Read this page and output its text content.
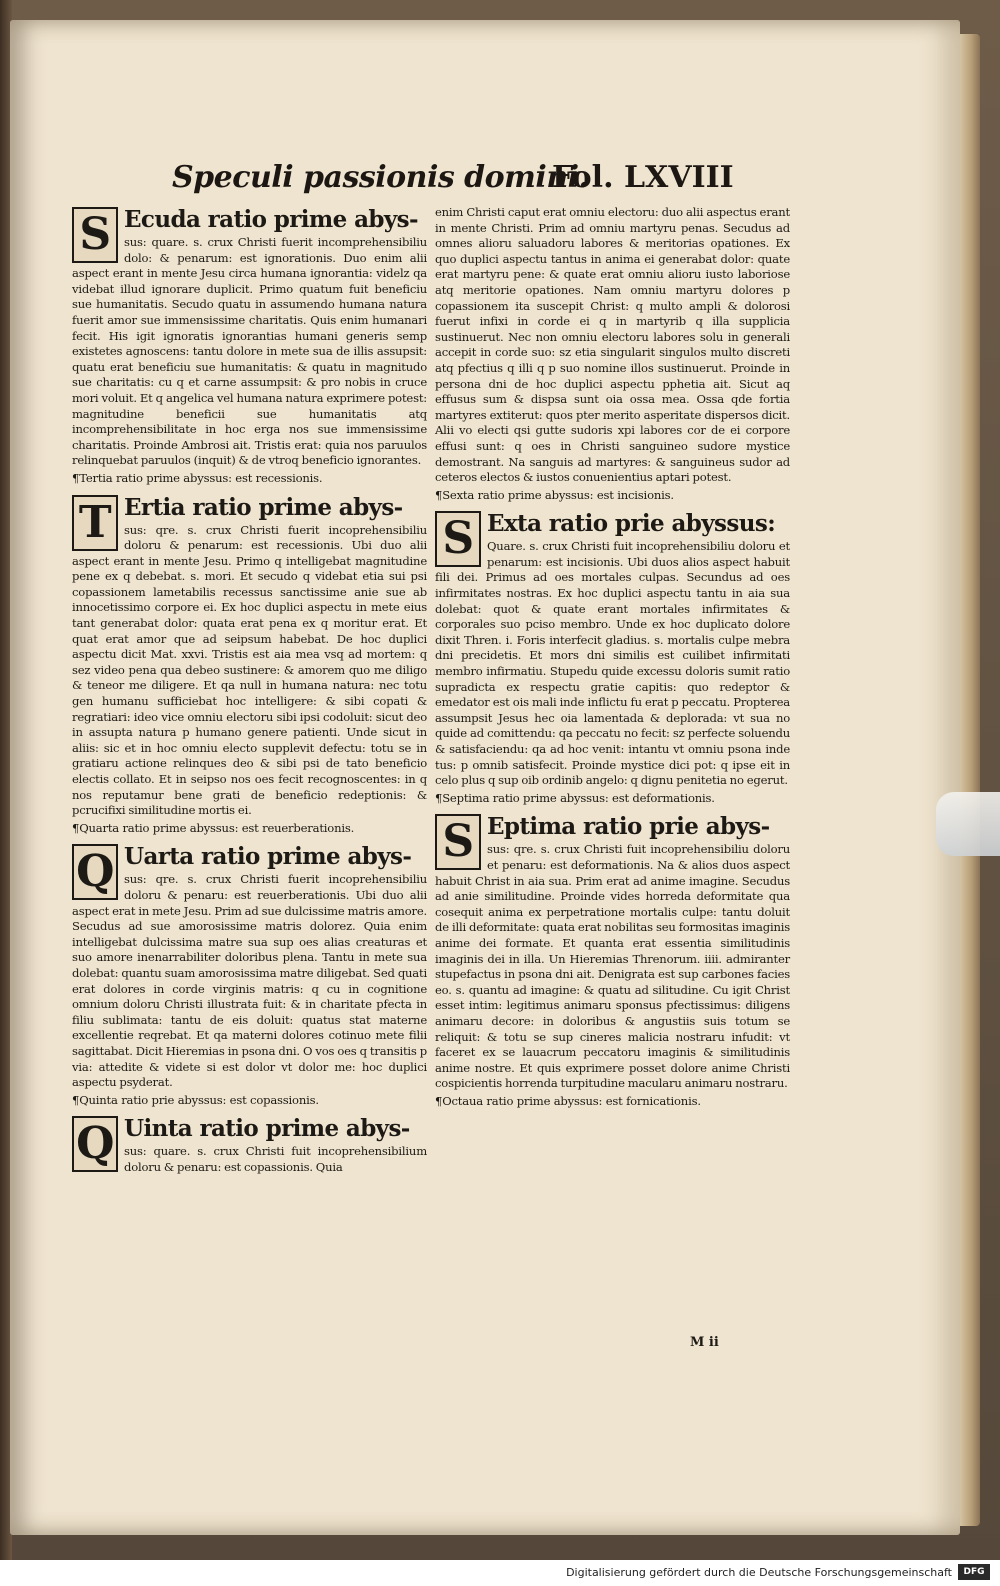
Speculi passionis domini.
Fol. LXVIII
S Ecuda ratio prime abys-
sus: quare. s. crux Christi fuerit incomprehensibiliu dolo: & penarum: est ignorationis. Duo enim alii aspect erant in mente Jesu circa humana ignorantia: videlz qa videbat illud ignorare duplicit. Primo quatum fuit beneficiu sue humanitatis. Secudo quatu in assumendo humana natura fuerit amor sue immensissime charitatis. Quis enim humanari fecit. His igit ignoratis ignorantias humani generis semp existetes agnoscens: tantu dolore in mete sua de illis assupsit: quatu erat beneficiu sue humanitatis: & quatu in magnitudo sue charitatis: cu q et carne assumpsit: & pro nobis in cruce mori voluit. Et q angelica vel humana natura exprimere potest: magnitudine beneficii sue humanitatis atq incomprehensibilitate in hoc erga nos sue immensissime charitatis. Proinde Ambrosi ait. Tristis erat: quia nos paruulos relinquebat paruulos (inquit) & de vtroq beneficio ignorantes.
¶ Tertia ratio prime abyssus: est recessionis.
T Ertia ratio prime abys-
sus: qre. s. crux Christi fuerit incoprehensibiliu doloru & penarum: est recessionis. Ubi duo alii aspect erant in mente Jesu. Primo q intelligebat magnitudine pene ex q debebat. s. mori. Et secudo q videbat etia sui psi copassionem lametabilis recessus sanctissime anie sue ab innocetissimo corpore ei. Ex hoc duplici aspectu in mete eius tant generabat dolor: quata erat pena ex q moritur erat. Et quat erat amor que ad seipsum habebat. De hoc duplici aspectu dicit Mat. xxvi. Tristis est aia mea vsq ad mortem: q sez video pena qua debeo sustinere: & amorem quo me diligo & teneor me diligere. Et qa null in humana natura: nec totu gen humanu sufficiebat hoc intelligere: & sibi copati & regratiari: ideo vice omniu electoru sibi ipsi codoluit: sicut deo in assupta natura p humano genere patienti. Unde sicut in aliis: sic et in hoc omniu electo supplevit defectu: totu se in gratiaru actione relinques deo & sibi psi de tato beneficio electis collato. Et in seipso nos oes fecit recognoscentes: in q nos reputamur bene grati de beneficio redeptionis: & pcrucifixi similitudine mortis ei.
¶ Quarta ratio prime abyssus: est reuerberationis.
Q Uarta ratio prime abys-
sus: qre. s. crux Christi fuerit incoprehensibiliu doloru & penaru: est reuerberationis. Ubi duo alii aspect erat in mete Jesu. Prim ad sue dulcissime matris amore. Secudus ad sue amorosissime matris dolorez. Quia enim intelligebat dulcissima matre sua sup oes alias creaturas et suo amore inenarrabiliter doloribus plena. Tantu in mete sua dolebat: quantu suam amorosissima matre diligebat. Sed quati erat dolores in corde virginis matris: q cu in cognitione omnium doloru Christi illustrata fuit: & in charitate pfecta in filiu sublimata: tantu de eis doluit: quatus stat materne excellentie reqrebat. Et qa materni dolores cotinuo mete filii sagittabat. Dicit Hieremias in psona dni. O vos oes q transitis p via: attedite & videte si est dolor vt dolor me: hoc duplici aspectu psyderat.
¶ Quinta ratio prie abyssus: est copassionis.
Q Uinta ratio prime abys-
sus: quare. s. crux Christi fuit incoprehensibilium doloru & penaru: est copassionis. Quia
enim Christi caput erat omniu electoru: duo alii aspectus erant in mente Christi. Prim ad omniu martyru penas. Secudus ad omnes alioru saluadoru labores & meritorias opationes. Ex quo duplici aspectu tantus in anima ei generabat dolor: quate erat martyru pene: & quate erat omniu alioru iusto laboriose atq meritorie opationes. Nam omniu martyru dolores p copassionem ita suscepit Christ: q multo ampli & dolorosi fuerut infixi in corde ei q in martyrib q illa supplicia sustinuerut. Nec non omniu electoru labores solu in generali accepit in corde suo: sz etia singularit singulos multo discreti atq pfectius q illi q p suo nomine illos sustinuerut. Proinde in persona dni de hoc duplici aspectu pphetia ait. Sicut aq effusus sum & dispsa sunt oia ossa mea. Ossa qde fortia martyres extiterut: quos pter merito asperitate dispersos dicit. Alii vo electi qsi gutte sudoris xpi labores cor de ei corpore effusi sunt: q oes in Christi sanguineo sudore mystice demostrant. Na sanguis ad martyres: & sanguineus sudor ad ceteros electos & iustos conuenientius aptari potest.
¶ Sexta ratio prime abyssus: est incisionis.
S Exta ratio prie abyssus:
Quare. s. crux Christi fuit incoprehensibiliu doloru et penarum: est incisionis. Ubi duos alios aspect habuit fili dei. Primus ad oes mortales culpas. Secundus ad oes infirmitates nostras. Ex hoc duplici aspectu tantu in aia sua dolebat: quot & quate erant mortales infirmitates & corporales suo pciso membro. Unde ex hoc duplicato dolore dixit Thren. i. Foris interfecit gladius. s. mortalis culpe mebra dni precidetis. Et mors dni similis est cuilibet infirmitati membro infirmatiu. Stupedu quide excessu doloris sumit ratio supradicta ex respectu gratie capitis: quo redeptor & emedator est ois mali inde inflictu fu erat p peccatu. Propterea assumpsit Jesus hec oia lamentada & deplorada: vt sua no quide ad comittendu: qa peccatu no fecit: sz perfecte soluendu & satisfaciendu: qa ad hoc venit: intantu vt omniu psona inde tus: p omnib satisfecit. Proinde mystice dici pot: q ipse eit in celo plus q sup oib ordinib angelo: q dignu penitetia no egerut.
¶ Septima ratio prime abyssus: est deformationis.
S Eptima ratio prie abys-
sus: qre. s. crux Christi fuit incoprehensibiliu doloru et penaru: est deformationis. Na & alios duos aspect habuit Christ in aia sua. Prim erat ad anime imagine. Secudus ad anie similitudine. Proinde vides horreda deformitate qua cosequit anima ex perpetratione mortalis culpe: tantu doluit de illi deformitate: quata erat nobilitas seu formositas imaginis anime dei formate. Et quanta erat essentia similitudinis imaginis dei in illa. Un Hieremias Threnorum. iiii. admiranter stupefactus in psona dni ait. Denigrata est sup carbones facies eo. s. quantu ad imagine: & quatu ad silitudine. Cu igit Christ esset intim: legitimus animaru sponsus pfectissimus: diligens animaru decore: in doloribus & angustiis suis totum se reliquit: & totu se sup cineres malicia nostraru infudit: vt faceret ex se lauacrum peccatoru imaginis & similitudinis anime nostre. Et quis exprimere posset dolore anime Christi cospicientis horrenda turpitudine macularu animaru nostraru.
¶ Octaua ratio prime abyssus: est fornicationis.
M ii
Digitalisierung gefördert durch die Deutsche Forschungsgemeinschaft	DFG
